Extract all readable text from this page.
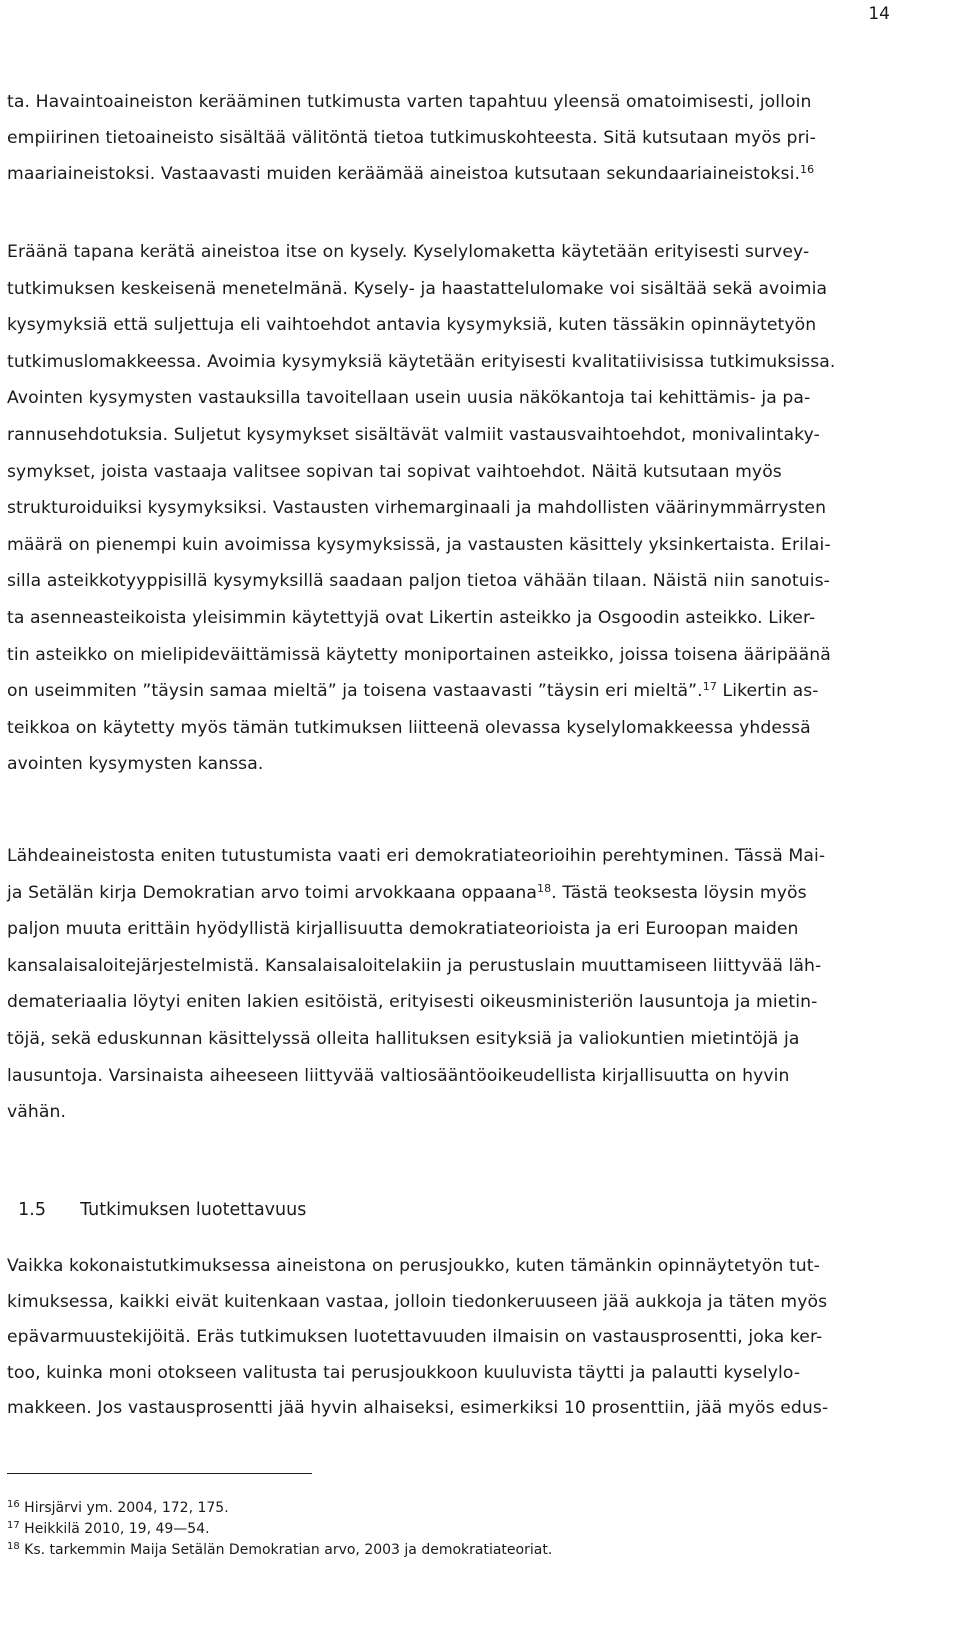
14
ta. Havaintoaineiston kerääminen tutkimusta varten tapahtuu yleensä omatoimisesti, jolloin
empiirinen tietoaineisto sisältää välitöntä tietoa tutkimuskohteesta. Sitä kutsutaan myös pri-
maariaineistoksi. Vastaavasti muiden keräämää aineistoa kutsutaan sekundaariaineistoksi.$^{16}$
Eräänä tapana kerätä aineistoa itse on kysely. Kyselylomaketta käytetään erityisesti survey-
tutkimuksen keskeisenä menetelmänä. Kysely- ja haastattelulomake voi sisältää sekä avoimia
kysymyksiä että suljettuja eli vaihtoehdot antavia kysymyksiä, kuten tässäkin opinnäytetyön
tutkimuslomakkeessa. Avoimia kysymyksiä käytetään erityisesti kvalitatiivisissa tutkimuksissa.
Avointen kysymysten vastauksilla tavoitellaan usein uusia näkökantoja tai kehittämis- ja pa-
rannusehdotuksia. Suljetut kysymykset sisältävät valmiit vastausvaihtoehdot, monivalintaky-
symykset, joista vastaaja valitsee sopivan tai sopivat vaihtoehdot. Näitä kutsutaan myös
strukturoiduiksi kysymyksiksi. Vastausten virhemarginaali ja mahdollisten väärinymmärrysten
määrä on pienempi kuin avoimissa kysymyksissä, ja vastausten käsittely yksinkertaista. Erilai-
silla asteikkotyyppisillä kysymyksillä saadaan paljon tietoa vähään tilaan. Näistä niin sanotuis-
ta asenneasteikoista yleisimmin käytettyjä ovat Likertin asteikko ja Osgoodin asteikko. Liker-
tin asteikko on mielipideväittämissä käytetty moniportainen asteikko, joissa toisena ääripäänä
on useimmiten ”täysin samaa mieltä” ja toisena vastaavasti ”täysin eri mieltä”.$^{17}$ Likertin as-
teikkoa on käytetty myös tämän tutkimuksen liitteenä olevassa kyselylomakkeessa yhdessä
avointen kysymysten kanssa.
Lähdeaineistosta eniten tutustumista vaati eri demokratiateorioihin perehtyminen. Tässä Mai-
ja Setälän kirja Demokratian arvo toimi arvokkaana oppaana$^{18}$. Tästä teoksesta löysin myös
paljon muuta erittäin hyödyllistä kirjallisuutta demokratiateorioista ja eri Euroopan maiden
kansalaisaloitejärjestelmistä. Kansalaisaloitelakiin ja perustuslain muuttamiseen liittyvää läh-
demateriaalia löytyi eniten lakien esitöistä, erityisesti oikeusministeriön lausuntoja ja mietin-
töjä, sekä eduskunnan käsittelyssä olleita hallituksen esityksiä ja valiokuntien mietintöjä ja
lausuntoja. Varsinaista aiheeseen liittyvää valtiosääntöoikeudellista kirjallisuutta on hyvin
vähän.
Vaikka kokonaistutkimuksessa aineistona on perusjoukko, kuten tämänkin opinnäytetyön tut-
kimuksessa, kaikki eivät kuitenkaan vastaa, jolloin tiedonkeruuseen jää aukkoja ja täten myös
epävarmuustekijöitä. Eräs tutkimuksen luotettavuuden ilmaisin on vastausprosentti, joka ker-
too, kuinka moni otokseen valitusta tai perusjoukkoon kuuluvista täytti ja palautti kyselylo-
makkeen. Jos vastausprosentti jää hyvin alhaiseksi, esimerkiksi 10 prosenttiin, jää myös edus-

1.5 Tutkimuksen luotettavuus

$^{16}$ Hirsjärvi ym. 2004, 172, 175.
$^{17}$ Heikkilä 2010, 19, 49—54.
$^{18}$ Ks. tarkemmin Maija Setälän Demokratian arvo, 2003 ja demokratiateoriat.
